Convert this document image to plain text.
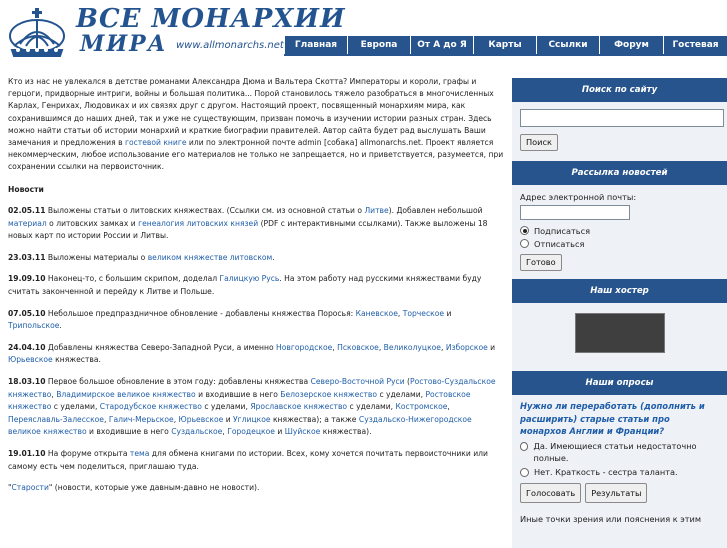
ВСЕ МОНАРХИИ
МИРА www.allmonarchs.net	Главная	Европа	От А до Я	Карты	Ссылки	Форум	Гостевая
Кто из нас не увлекался в детстве романами Александра Дюма и Вальтера Скотта? Императоры и короли, графы и герцоги, придворные интриги, войны и большая политика... Порой становилось тяжело разобраться в многочисленных Карлах, Генрихах, Людовиках и их связях друг с другом. Настоящий проект, посвященный монархиям мира, как сохранившимся до наших дней, так и уже не существующим, призван помочь в изучении истории разных стран. Здесь можно найти статьи об истории монархий и краткие биографии правителей. Автор сайта будет рад выслушать Ваши замечания и предложения в гостевой книге или по электронной почте admin [собака] allmonarchs.net. Проект является некоммерческим, любое использование его материалов не только не запрещается, но и приветствуется, разумеется, при сохранении ссылки на первоисточник.
Новости
02.05.11 Выложены статьи о литовских княжествах. (Ссылки см. из основной статьи о Литве). Добавлен небольшой материал о литовских замках и генеалогия литовских князей (PDF с интерактивными ссылками). Также выложены 18 новых карт по истории России и Литвы.
23.03.11 Выложены материалы о великом княжестве литовском.
19.09.10 Наконец-то, с большим скрипом, доделал Галицкую Русь. На этом работу над русскими княжествами буду считать законченной и перейду к Литве и Польше.
07.05.10 Небольшое предпраздничное обновление - добавлены княжества Поросья: Каневское, Торческое и Трипольское.
24.04.10 Добавлены княжества Северо-Западной Руси, а именно Новгородское, Псковское, Великолуцкое, Изборское и Юрьевское княжества.
18.03.10 Первое большое обновление в этом году: добавлены княжества Северо-Восточной Руси (Ростово-Суздальское княжество, Владимирское великое княжество и входившие в него Белозерское княжество с уделами, Ростовское княжество с уделами, Стародубское княжество с уделами, Ярославское княжество с уделами, Костромское, Переяславль-Залесское, Галич-Мерьское, Юрьевское и Углицкое княжества); а также Суздальско-Нижегородское великое княжество и входившие в него Суздальское, Городецкое и Шуйское княжества).
19.01.10 На форуме открыта тема для обмена книгами по истории. Всех, кому хочется почитать первоисточники или самому есть чем поделиться, приглашаю туда.
"Старости" (новости, которые уже давным-давно не новости).
Поиск по сайту
Поиск
Рассылка новостей
Адрес электронной почты:
Подписаться
Отписаться
Готово
Наш хостер
Наши опросы
Нужно ли переработать (дополнить и расширить) старые статьи про монархов Англии и Франции?
Да. Имеющиеся статьи недостаточно полные.
Нет. Краткость - сестра таланта.
Голосовать	Результаты
Иные точки зрения или пояснения к этим
